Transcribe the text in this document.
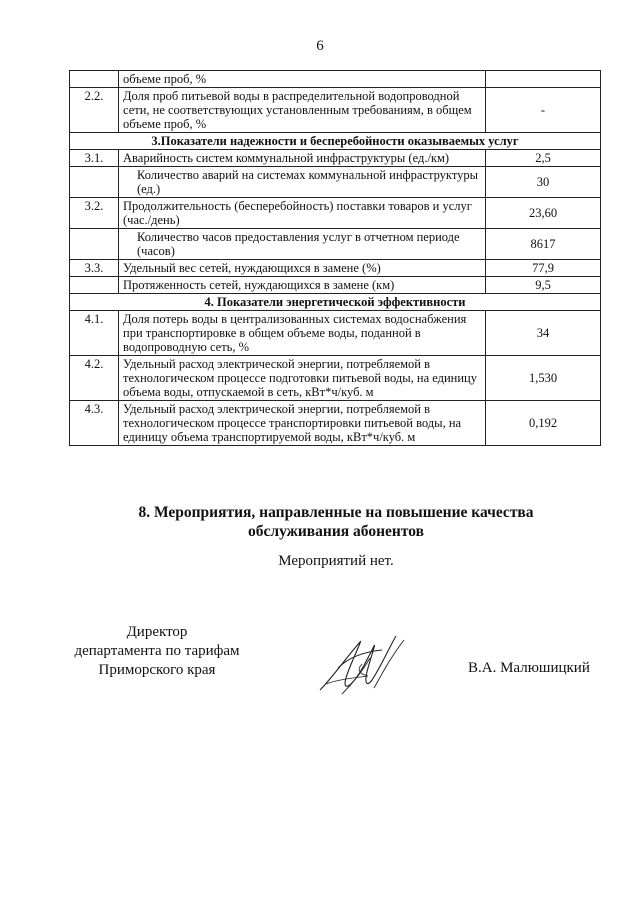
6
	объеме проб, %	
2.2.	Доля проб питьевой воды в распределительной водопроводной сети, не соответствующих установленным требованиям, в общем объеме проб, %	-
3.Показатели надежности и бесперебойности оказываемых услуг		
3.1.	Аварийность систем коммунальной инфраструктуры (ед./км)	2,5
	Количество аварий на системах коммунальной инфраструктуры (ед.)	30
3.2.	Продолжительность (бесперебойность) поставки товаров и услуг (час./день)	23,60
	Количество часов предоставления услуг в отчетном периоде (часов)	8617
3.3.	Удельный вес сетей, нуждающихся в замене (%)	77,9
	Протяженность сетей, нуждающихся в замене (км)	9,5
4. Показатели энергетической эффективности		
4.1.	Доля потерь воды в централизованных системах водоснабжения при транспортировке в общем объеме воды, поданной в водопроводную сеть, %	34
4.2.	Удельный расход электрической энергии, потребляемой в технологическом процессе подготовки питьевой воды, на единицу объема воды, отпускаемой в сеть, кВт*ч/куб. м	1,530
4.3.	Удельный расход электрической энергии, потребляемой в технологическом процессе транспортировки питьевой воды, на единицу объема транспортируемой воды, кВт*ч/куб. м	0,192
8. Мероприятия, направленные на повышение качества
обслуживания абонентов
Мероприятий нет.
Директор
департамента по тарифам
Приморского края	В.А. Малюшицкий
